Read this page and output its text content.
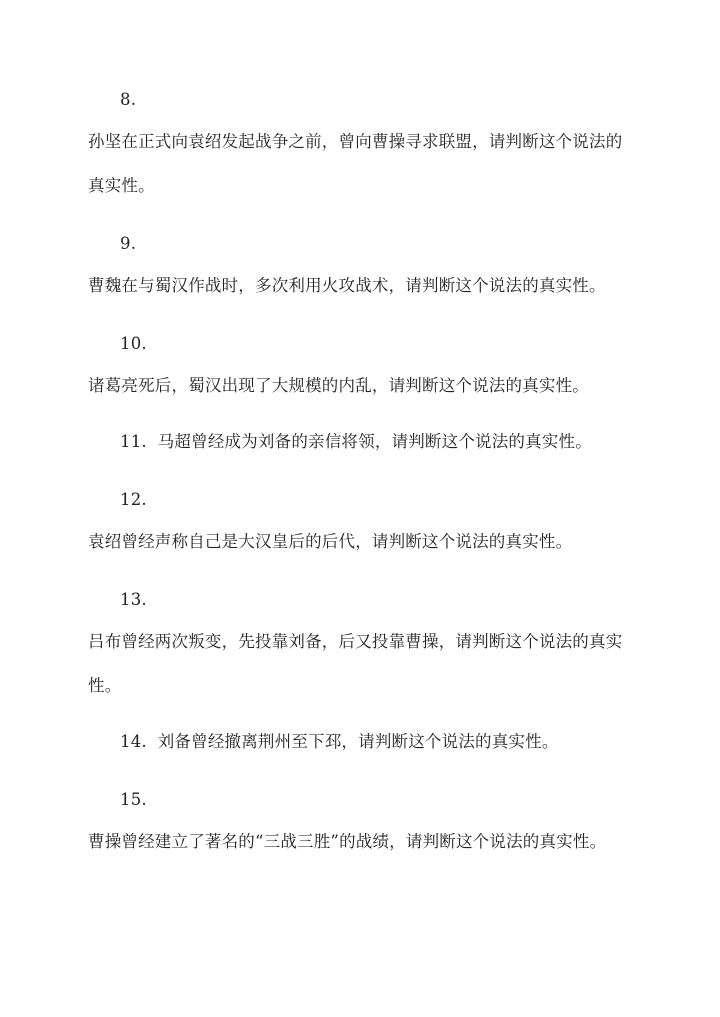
8.
孙坚在正式向袁绍发起战争之前，曾向曹操寻求联盟，请判断这个说法的
真实性。
9.
曹魏在与蜀汉作战时，多次利用火攻战术，请判断这个说法的真实性。
10.
诸葛亮死后，蜀汉出现了大规模的内乱，请判断这个说法的真实性。
11. 马超曾经成为刘备的亲信将领，请判断这个说法的真实性。
12.
袁绍曾经声称自己是大汉皇后的后代，请判断这个说法的真实性。
13.
吕布曾经两次叛变，先投靠刘备，后又投靠曹操，请判断这个说法的真实
性。
14. 刘备曾经撤离荆州至下邳，请判断这个说法的真实性。
15.
曹操曾经建立了著名的“三战三胜”的战绩，请判断这个说法的真实性。
